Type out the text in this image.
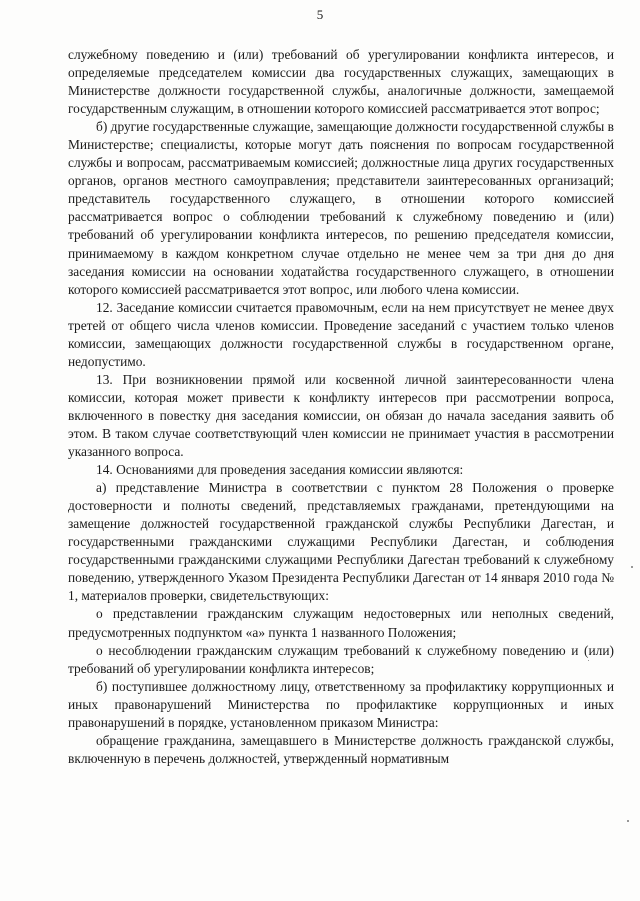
5

служебному поведению и (или) требований об урегулировании конфликта интересов, и определяемые председателем комиссии два государственных служащих, замещающих в Министерстве должности государственной службы, аналогичные должности, замещаемой государственным служащим, в отношении которого комиссией рассматривается этот вопрос;

б) другие государственные служащие, замещающие должности государственной службы в Министерстве; специалисты, которые могут дать пояснения по вопросам государственной службы и вопросам, рассматриваемым комиссией; должностные лица других государственных органов, органов местного самоуправления; представители заинтересованных организаций; представитель государственного служащего, в отношении которого комиссией рассматривается вопрос о соблюдении требований к служебному поведению и (или) требований об урегулировании конфликта интересов, по решению председателя комиссии, принимаемому в каждом конкретном случае отдельно не менее чем за три дня до дня заседания комиссии на основании ходатайства государственного служащего, в отношении которого комиссией рассматривается этот вопрос, или любого члена комиссии.

12. Заседание комиссии считается правомочным, если на нем присутствует не менее двух третей от общего числа членов комиссии. Проведение заседаний с участием только членов комиссии, замещающих должности государственной службы в государственном органе, недопустимо.

13. При возникновении прямой или косвенной личной заинтересованности члена комиссии, которая может привести к конфликту интересов при рассмотрении вопроса, включенного в повестку дня заседания комиссии, он обязан до начала заседания заявить об этом. В таком случае соответствующий член комиссии не принимает участия в рассмотрении указанного вопроса.

14. Основаниями для проведения заседания комиссии являются:

а) представление Министра в соответствии с пунктом 28 Положения о проверке достоверности и полноты сведений, представляемых гражданами, претендующими на замещение должностей государственной гражданской службы Республики Дагестан, и государственными гражданскими служащими Республики Дагестан, и соблюдения государственными гражданскими служащими Республики Дагестан требований к служебному поведению, утвержденного Указом Президента Республики Дагестан от 14 января 2010 года № 1, материалов проверки, свидетельствующих:

о представлении гражданским служащим недостоверных или неполных сведений, предусмотренных подпунктом «а» пункта 1 названного Положения;

о несоблюдении гражданским служащим требований к служебному поведению и (или) требований об урегулировании конфликта интересов;

б) поступившее должностному лицу, ответственному за профилактику коррупционных и иных правонарушений Министерства по профилактике коррупционных и иных правонарушений в порядке, установленном приказом Министра:

обращение гражданина, замещавшего в Министерстве должность гражданской службы, включенную в перечень должностей, утвержденный нормативным
